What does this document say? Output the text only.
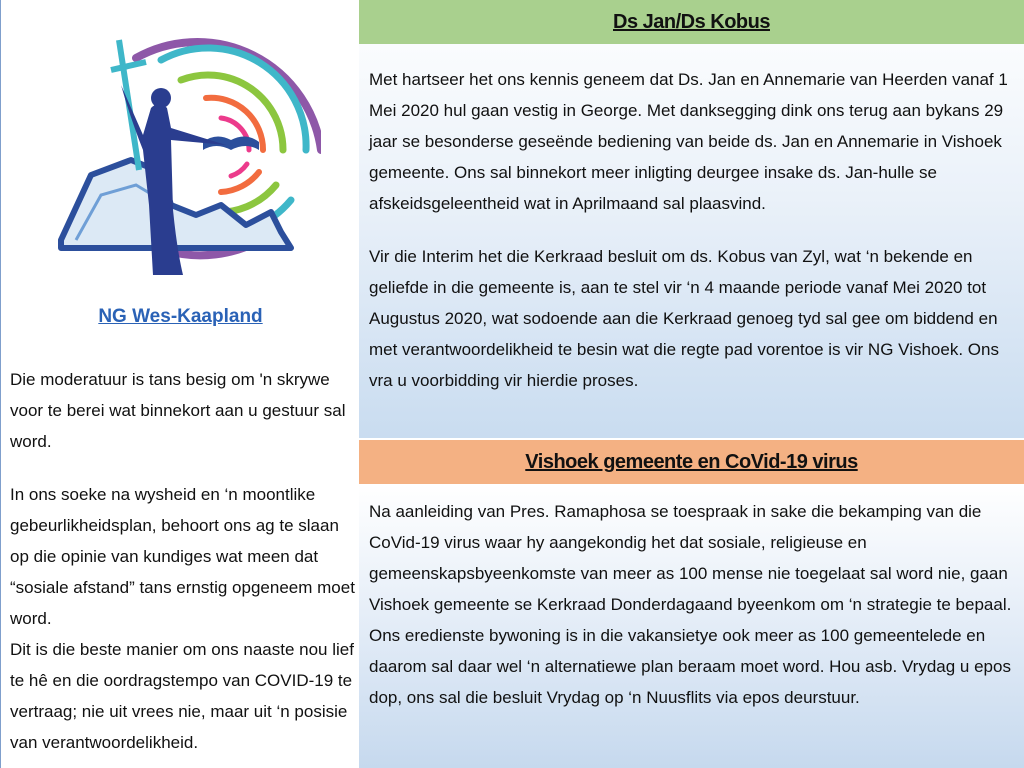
NG Wes-Kaapland

Die moderatuur is tans besig om 'n skrywe voor te berei wat binnekort aan u gestuur sal word.

In ons soeke na wysheid en ‘n moontlike gebeurlikheidsplan, behoort ons ag te slaan op die opinie van kundiges wat meen dat “sosiale afstand” tans ernstig opgeneem moet word.

Dit is die beste manier om ons naaste nou lief te hê en die oordragstempo van COVID-19 te vertraag; nie uit vrees nie, maar uit ‘n posisie van verantwoordelikheid.

Ds Jan/Ds Kobus

Met hartseer het ons kennis geneem dat Ds. Jan en Annemarie van Heerden vanaf 1 Mei 2020 hul gaan vestig in George. Met danksegging dink ons terug aan bykans 29 jaar se besonderse geseënde bediening van beide ds. Jan en Annemarie in Vishoek gemeente. Ons sal binnekort meer inligting deurgee insake ds. Jan-hulle se afskeidsgeleentheid wat in Aprilmaand sal plaasvind.

Vir die Interim het die Kerkraad besluit om ds. Kobus van Zyl, wat ‘n bekende en geliefde in die gemeente is, aan te stel vir ‘n 4 maande periode vanaf Mei 2020 tot Augustus 2020, wat sodoende aan die Kerkraad genoeg tyd sal gee om biddend en met verantwoordelikheid te besin wat die regte pad vorentoe is vir NG Vishoek. Ons vra u voorbidding vir hierdie proses.

Vishoek gemeente en CoVid-19 virus

Na aanleiding van Pres. Ramaphosa se toespraak in sake die bekamping van die CoVid-19 virus waar hy aangekondig het dat sosiale, religieuse en gemeenskapsbyeenkomste van meer as 100 mense nie toegelaat sal word nie, gaan Vishoek gemeente se Kerkraad Donderdagaand byeenkom om ‘n strategie te bepaal. Ons eredienste bywoning is in die vakansietye ook meer as 100 gemeentelede en daarom sal daar wel ‘n alternatiewe plan beraam moet word. Hou asb. Vrydag u epos dop, ons sal die besluit Vrydag op ‘n Nuusflits via epos deurstuur.
